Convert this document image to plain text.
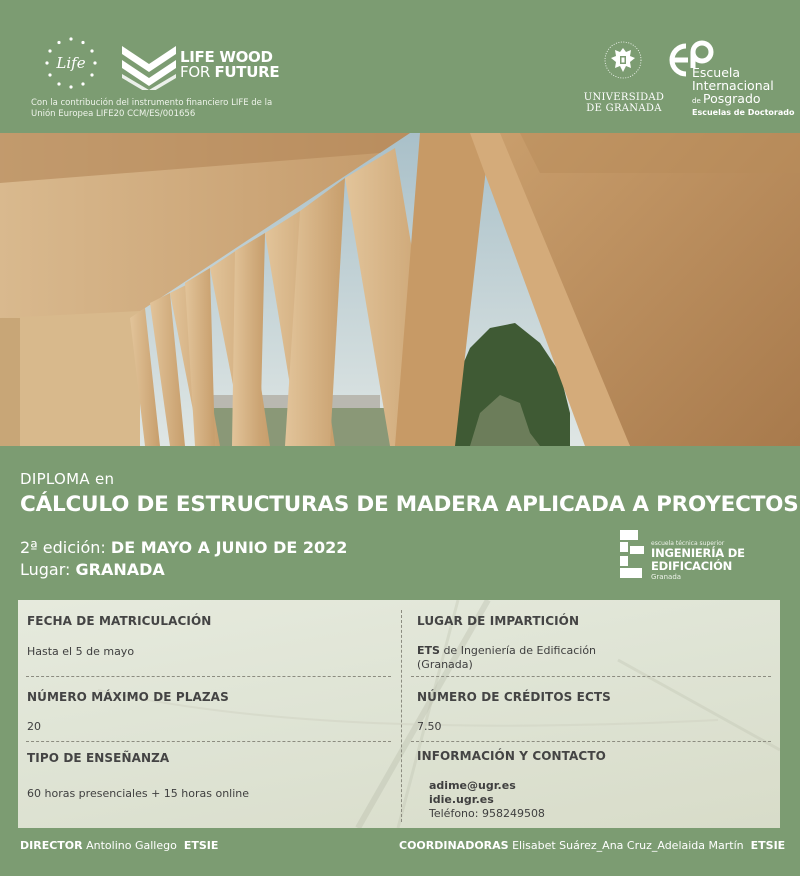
Life	LIFE WOOD
FOR FUTURE
Con la contribución del instrumento financiero LIFE de la Unión Europea LIFE20 CCM/ES/001656
UNIVERSIDAD
DE GRANADA
Escuela
Internacional
de Posgrado
Escuelas de Doctorado
DIPLOMA en
CÁLCULO DE ESTRUCTURAS DE MADERA APLICADA A PROYECTOS
2ª edición: DE MAYO A JUNIO DE 2022
Lugar: GRANADA
escuela técnica superior
INGENIERÍA DE EDIFICACIÓN
Granada
FECHA DE MATRICULACIÓN
Hasta el 5 de mayo
NÚMERO MÁXIMO DE PLAZAS
20
TIPO DE ENSEÑANZA
60 horas presenciales + 15 horas online
LUGAR DE IMPARTICIÓN
ETS de Ingeniería de Edificación
(Granada)
NÚMERO DE CRÉDITOS ECTS
7.50
INFORMACIÓN Y CONTACTO
adime@ugr.es
idie.ugr.es
Teléfono: 958249508
DIRECTOR Antolino Gallego ETSIE	COORDINADORAS Elisabet Suárez_Ana Cruz_Adelaida Martín ETSIE
